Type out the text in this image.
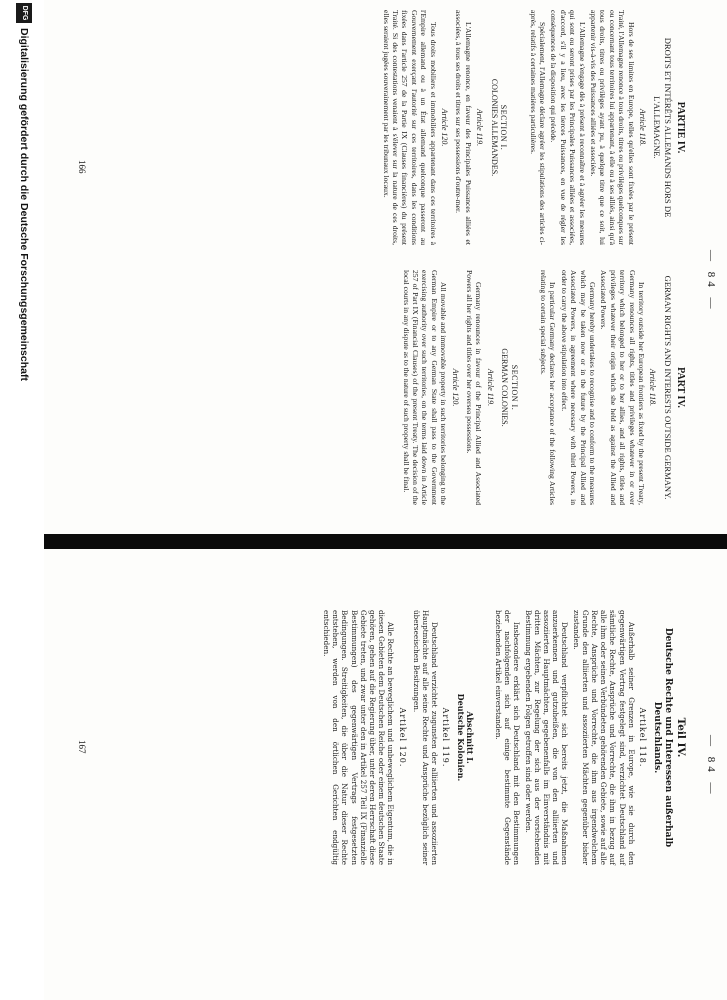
— 84 —
PARTIE IV.
DROITS ET INTÉRÊTS ALLEMANDS HORS DE L'ALLEMAGNE.
Article 118.

Hors de ses limites en Europe, telles qu'elles sont fixées par le présent Traité, l'Allemagne renonce à tous droits, titres ou privilèges quelconques sur ou concernant tous territoires lui appartenant, à elle ou à ses alliés, ainsi qu'à tous droits, titres ou privilèges ayant pu, à quelque titre que ce soit, lui appartenir vis-à-vis des Puissances alliées et associées.

L'Allemagne s'engage dès à présent à reconnaître et à agréer les mesures qui sont ou seront prises par les Principales Puissances alliées et associées, d'accord, s'il y a lieu, avec les tierces Puissances, en vue de régler les conséquences de la disposition qui précède.

Spécialement, l'Allemagne déclare agréer les stipulations des articles ci-après, relatifs à certaines matières particulières.

SECTION I.
COLONIES ALLEMANDES.
Article 119.

L'Allemagne renonce, en faveur des Principales Puissances alliées et associées, à tous ses droits et titres sur ses possessions d'outre-mer.

Article 120.

Tous droits mobiliers et immobiliers appartenant dans ces territoires à l'Empire allemand ou à un État allemand quelconque passeront au Gouvernement exerçant l'autorité sur ces territoires, dans les conditions fixées dans l'article 257 de la Partie IX (Clauses financières) du présent Traité. Si des contestations venaient à s'élever sur la nature de ces droits, elles seraient jugées souverainement par les tribunaux locaux.

PART IV.
GERMAN RIGHTS AND INTERESTS OUTSIDE GERMANY.
Article 118.

In territory outside her European frontiers as fixed by the present Treaty, Germany renounces all rights, titles and privileges whatever in or over territory which belonged to her or to her allies, and all rights, titles and privileges whatever their origin which she held as against the Allied and Associated Powers.

Germany hereby undertakes to recognise and to conform to the measures which may be taken now or in the future by the Principal Allied and Associated Powers, in agreement where necessary with third Powers, in order to carry the above stipulation into effect.

In particular Germany declares her acceptance of the following Articles relating to certain special subjects.

SECTION I.
GERMAN COLONIES.
Article 119.

Germany renounces in favour of the Principal Allied and Associated Powers all her rights and titles over her oversea possessions.

Article 120.

All movable and immovable property in such territories belonging to the German Empire or to any German State shall pass to the Government exercising authority over such territories, on the terms laid down in Article 257 of Part IX (Financial Clauses) of the present Treaty. The decision of the local courts in any dispute as to the nature of such property shall be final.

166
— 84 —
Teil IV.
Deutsche Rechte und Interessen außerhalb Deutschlands.
Artikel 118.

Außerhalb seiner Grenzen in Europe, wie sie durch den gegenwärtigen Vertrag festgelegt sind, verzichtet Deutschland auf sämtliche Rechte, Ansprüche und Vorrechte, die ihm in bezug auf alle ihm oder seinen Verbündeten gehörenden Gebiete, sowie auf alle Rechte, Ansprüche und Vorrechte, die ihm aus irgendwelchem Grunde den alliierten und assoziierten Mächten gegenüber bisher zustanden.

Deutschland verpflichtet sich bereits jetzt, die Maßnahmen anzuerkennen und gutzuheißen, die von den alliierten und assoziierten Hauptmächten, gegebenenfalls im Einverständnis mit dritten Mächten, zur Regelung der sich aus der vorstehenden Bestimmung ergebenden Folgen getroffen sind oder werden.

Insbesondere erklärt sich Deutschland mit den Bestimmungen der nachfolgenden sich auf einige bestimmte Gegenstände beziehenden Artikel einverstanden.

Abschnitt I.
Deutsche Kolonien.
Artikel 119.

Deutschland verzichtet zugunsten der alliierten und assoziierten Hauptmächte auf alle seine Rechte und Ansprüche bezüglich seiner überseeischen Besitzungen.

Artikel 120.

Alle Rechte an beweglichem und unbeweglichem Eigentum, die in diesen Gebieten dem Deutschen Reiche oder einem deutschen Staate gehören, gehen auf die Regierung über, unter deren Herrschaft diese Gebiete treten, und zwar unter den in Artikel 257 Teil IX (Finanzielle Bestimmungen) des gegenwärtigen Vertrags festgesetzten Bedingungen. Streitigkeiten, die über die Natur dieser Rechte entstehen, werden von den örtlichen Gerichten endgültig entschieden.

167
DFG
Digitalisierung gefördert durch die Deutsche Forschungsgemeinschaft
